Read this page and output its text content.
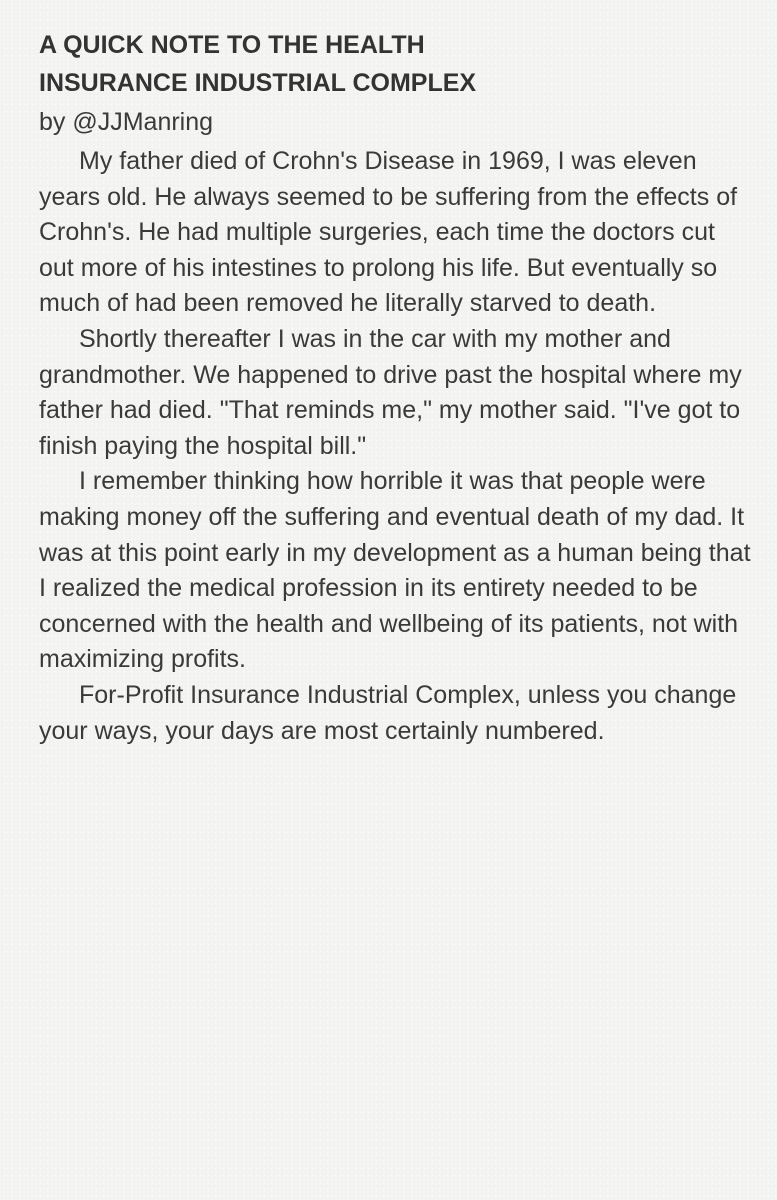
A QUICK NOTE TO THE HEALTH
INSURANCE INDUSTRIAL COMPLEX

by @JJManring

My father died of Crohn's Disease in 1969, I was eleven years old. He always seemed to be suffering from the effects of Crohn's. He had multiple surgeries, each time the doctors cut out more of his intestines to prolong his life. But eventually so much of had been removed he literally starved to death.

Shortly thereafter I was in the car with my mother and grandmother. We happened to drive past the hospital where my father had died. "That reminds me," my mother said. "I've got to finish paying the hospital bill."

I remember thinking how horrible it was that people were making money off the suffering and eventual death of my dad. It was at this point early in my development as a human being that I realized the medical profession in its entirety needed to be concerned with the health and wellbeing of its patients, not with maximizing profits.

For-Profit Insurance Industrial Complex, unless you change your ways, your days are most certainly numbered.
